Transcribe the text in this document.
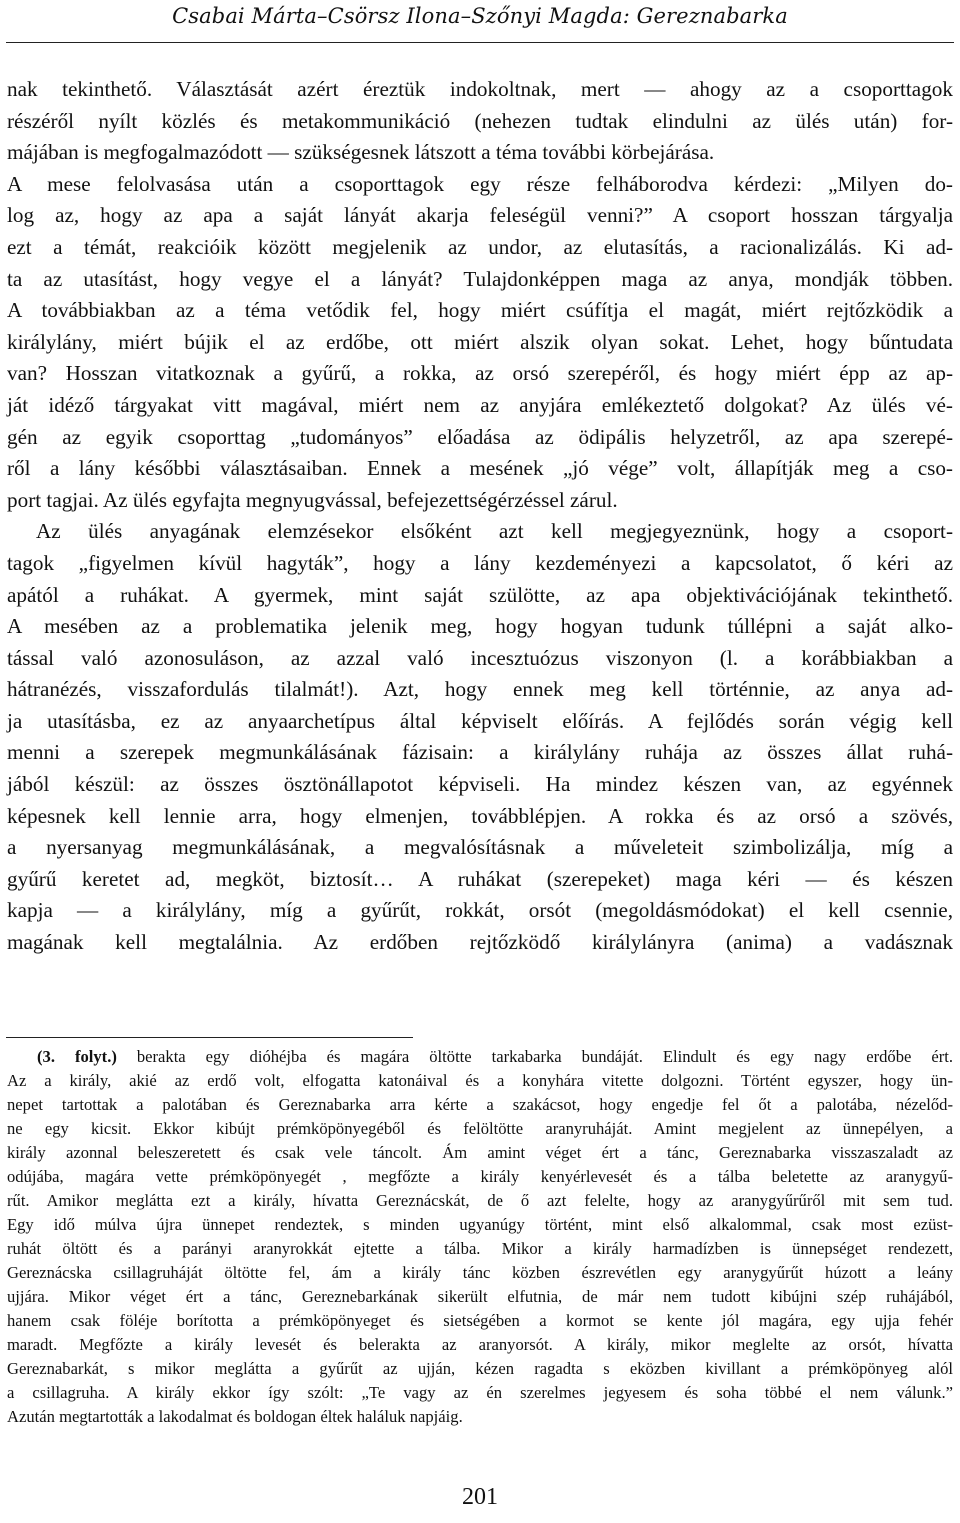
Csabai Márta–Csörsz Ilona–Szőnyi Magda: Gereznabarka
nak tekinthető. Választását azért éreztük indokoltnak, mert — ahogy az a csoporttagok
részéről nyílt közlés és metakommunikáció (nehezen tudtak elindulni az ülés után) for-
májában is megfogalmazódott — szükségesnek látszott a téma további körbejárása.
A mese felolvasása után a csoporttagok egy része felháborodva kérdezi: „Milyen do-
log az, hogy az apa a saját lányát akarja feleségül venni?” A csoport hosszan tárgyalja
ezt a témát, reakcióik között megjelenik az undor, az elutasítás, a racionalizálás. Ki ad-
ta az utasítást, hogy vegye el a lányát? Tulajdonképpen maga az anya, mondják többen.
A továbbiakban az a téma vetődik fel, hogy miért csúfítja el magát, miért rejtőzködik a
királylány, miért bújik el az erdőbe, ott miért alszik olyan sokat. Lehet, hogy bűntudata
van? Hosszan vitatkoznak a gyűrű, a rokka, az orsó szerepéről, és hogy miért épp az ap-
ját idéző tárgyakat vitt magával, miért nem az anyjára emlékeztető dolgokat? Az ülés vé-
gén az egyik csoporttag „tudományos” előadása az ödipális helyzetről, az apa szerepé-
ről a lány későbbi választásaiban. Ennek a mesének „jó vége” volt, állapítják meg a cso-
port tagjai. Az ülés egyfajta megnyugvással, befejezettségérzéssel zárul.
Az ülés anyagának elemzésekor elsőként azt kell megjegyeznünk, hogy a csoport-
tagok „figyelmen kívül hagyták”, hogy a lány kezdeményezi a kapcsolatot, ő kéri az
apától a ruhákat. A gyermek, mint saját szülötte, az apa objektivációjának tekinthető.
A mesében az a problematika jelenik meg, hogy hogyan tudunk túllépni a saját alko-
tással való azonosuláson, az azzal való incesztuózus viszonyon (l. a korábbiakban a
hátranézés, visszafordulás tilalmát!). Azt, hogy ennek meg kell történnie, az anya ad-
ja utasításba, ez az anyaarchetípus által képviselt előírás. A fejlődés során végig kell
menni a szerepek megmunkálásának fázisain: a királylány ruhája az összes állat ruhá-
jából készül: az összes ösztönállapotot képviseli. Ha mindez készen van, az egyénnek
képesnek kell lennie arra, hogy elmenjen, továbblépjen. A rokka és az orsó a szövés,
a nyersanyag megmunkálásának, a megvalósításnak a műveleteit szimbolizálja, míg a
gyűrű keretet ad, megköt, biztosít… A ruhákat (szerepeket) maga kéri — és készen
kapja — a királylány, míg a gyűrűt, rokkát, orsót (megoldásmódokat) el kell csennie,
magának kell megtalálnia. Az erdőben rejtőzködő királylányra (anima) a vadásznak
(3. folyt.) berakta egy dióhéjba és magára öltötte tarkabarka bundáját. Elindult és egy nagy erdőbe ért.
Az a király, akié az erdő volt, elfogatta katonáival és a konyhára vitette dolgozni. Történt egyszer, hogy ün-
nepet tartottak a palotában és Gereznabarka arra kérte a szakácsot, hogy engedje fel őt a palotába, nézelőd-
ne egy kicsit. Ekkor kibújt prémköpönyegéből és felöltötte aranyruháját. Amint megjelent az ünnepélyen, a
király azonnal beleszeretett és csak vele táncolt. Ám amint véget ért a tánc, Gereznabarka visszaszaladt az
odújába, magára vette prémköpönyegét , megfőzte a király kenyérlevesét és a tálba beletette az aranygyű-
rűt. Amikor meglátta ezt a király, hívatta Gereznácskát, de ő azt felelte, hogy az aranygyűrűről mit sem tud.
Egy idő múlva újra ünnepet rendeztek, s minden ugyanúgy történt, mint első alkalommal, csak most ezüst-
ruhát öltött és a parányi aranyrokkát ejtette a tálba. Mikor a király harmadízben is ünnepséget rendezett,
Gereznácska csillagruháját öltötte fel, ám a király tánc közben észrevétlen egy aranygyűrűt húzott a leány
ujjára. Mikor véget ért a tánc, Gereznebarkának sikerült elfutnia, de már nem tudott kibújni szép ruhájából,
hanem csak föléje borította a prémköpönyeget és sietségében a kormot se kente jól magára, egy ujja fehér
maradt. Megfőzte a király levesét és belerakta az aranyorsót. A király, mikor meglelte az orsót, hívatta
Gereznabarkát, s mikor meglátta a gyűrűt az ujján, kézen ragadta s eközben kivillant a prémköpönyeg alól
a csillagruha. A király ekkor így szólt: „Te vagy az én szerelmes jegyesem és soha többé el nem válunk.”
Azután megtartották a lakodalmat és boldogan éltek haláluk napjáig.
201
